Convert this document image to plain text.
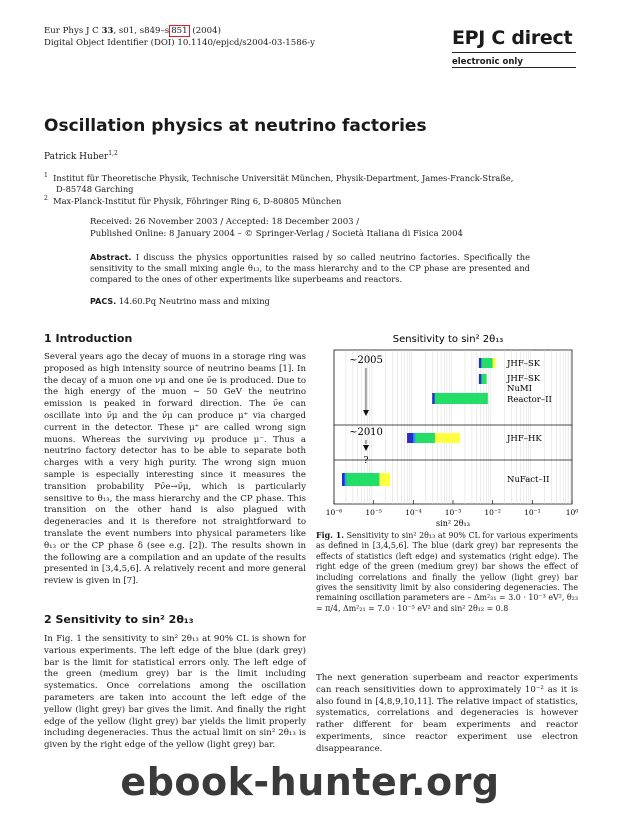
Eur Phys J C 33, s01, s849–s 851 (2004)
Digital Object Identifier (DOI) 10.1140/epjcd/s2004-03-1586-y	EPJ C direct
electronic only
Oscillation physics at neutrino factories
Patrick Huber$^{1,2}$
$^1$ Institut für Theoretische Physik, Technische Universität München, Physik-Department, James-Franck-Straße,
D-85748 Garching
$^2$ Max-Planck-Institut für Physik, Föhringer Ring 6, D-80805 München
Received: 26 November 2003 / Accepted: 18 December 2003 /
Published Online: 8 January 2004 – © Springer-Verlag / Società Italiana di Fisica 2004
Abstract. I discuss the physics opportunities raised by so called neutrino factories. Specifically the sensitivity to the small mixing angle θ₁₃, to the mass hierarchy and to the CP phase are presented and compared to the ones of other experiments like superbeams and reactors.
PACS. 14.60.Pq Neutrino mass and mixing
1 Introduction
Several years ago the decay of muons in a storage ring was proposed as high intensity source of neutrino beams [1]. In the decay of a muon one νμ and one ν̄e is produced. Due to the high energy of the muon ∼ 50 GeV the neutrino emission is peaked in forward direction. The ν̄e can oscillate into ν̄μ and the ν̄μ can produce μ⁺ via charged current in the detector. These μ⁺ are called wrong sign muons. Whereas the surviving νμ produce μ⁻. Thus a neutrino factory detector has to be able to separate both charges with a very high purity. The wrong sign muon sample is especially interesting since it measures the transition probability Pν̄e→ν̄μ, which is particularly sensitive to θ₁₃, the mass hierarchy and the CP phase. This transition on the other hand is also plagued with degeneracies and it is therefore not straightforward to translate the event numbers into physical parameters like θ₁₃ or the CP phase δ (see e.g. [2]). The results shown in the following are a compilation and an update of the results presented in [3,4,5,6]. A relatively recent and more general review is given in [7].
2 Sensitivity to sin² 2θ₁₃
In Fig. 1 the sensitivity to sin² 2θ₁₃ at 90% CL is shown for various experiments. The left edge of the blue (dark grey) bar is the limit for statistical errors only. The left edge of the green (medium grey) bar is the limit including systematics. Once correlations among the oscillation parameters are taken into account the left edge of the yellow (light grey) bar gives the limit. And finally the right edge of the yellow (light grey) bar yields the limit properly including degeneracies. Thus the actual limit on sin² 2θ₁₃ is given by the right edge of the yellow (light grey) bar.
Sensitivity to sin² 2θ₁₃
JHF–SK
JHF–SK
NuMI
Reactor–II
JHF–HK
NuFact–II
10⁻⁶	10⁻⁵	10⁻⁴	10⁻³	10⁻²	10⁻¹	10⁰
~2005
~2010
?
sin² 2θ₁₃
Fig. 1. Sensitivity to sin² 2θ₁₃ at 90% CL for various experiments as defined in [3,4,5,6]. The blue (dark grey) bar represents the effects of statistics (left edge) and systematics (right edge). The right edge of the green (medium grey) bar shows the effect of including correlations and finally the yellow (light grey) bar gives the sensitivity limit by also considering degeneracies. The remaining oscillation parameters are – Δm²₃₁ = 3.0 · 10⁻³ eV², θ₂₃ = π/4, Δm²₂₁ = 7.0 · 10⁻⁵ eV² and sin² 2θ₁₂ = 0.8
The next generation superbeam and reactor experiments can reach sensitivities down to approximately 10⁻² as it is also found in [4,8,9,10,11]. The relative impact of statistics, systematics, correlations and degeneracies is however rather different for beam experiments and reactor experiments, since reactor experiment use electron disappearance.
ebook-hunter.org
